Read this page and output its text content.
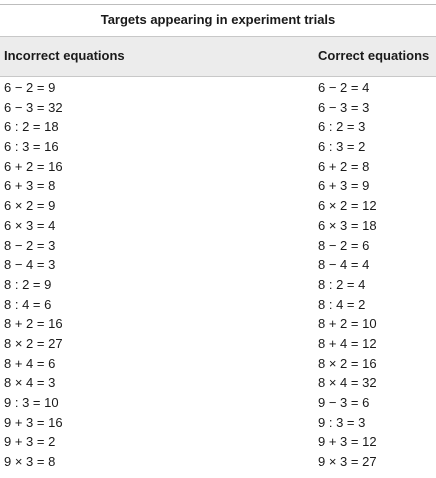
Targets appearing in experiment trials
Incorrect equations	Correct equations
6 − 2 = 9	6 − 2 = 4
6 − 3 = 32	6 − 3 = 3
6 : 2 = 18	6 : 2 = 3
6 : 3 = 16	6 : 3 = 2
6 + 2 = 16	6 + 2 = 8
6 + 3 = 8	6 + 3 = 9
6 × 2 = 9	6 × 2 = 12
6 × 3 = 4	6 × 3 = 18
8 − 2 = 3	8 − 2 = 6
8 − 4 = 3	8 − 4 = 4
8 : 2 = 9	8 : 2 = 4
8 : 4 = 6	8 : 4 = 2
8 + 2 = 16	8 + 2 = 10
8 × 2 = 27	8 + 4 = 12
8 + 4 = 6	8 × 2 = 16
8 × 4 = 3	8 × 4 = 32
9 : 3 = 10	9 − 3 = 6
9 + 3 = 16	9 : 3 = 3
9 + 3 = 2	9 + 3 = 12
9 × 3 = 8	9 × 3 = 27
